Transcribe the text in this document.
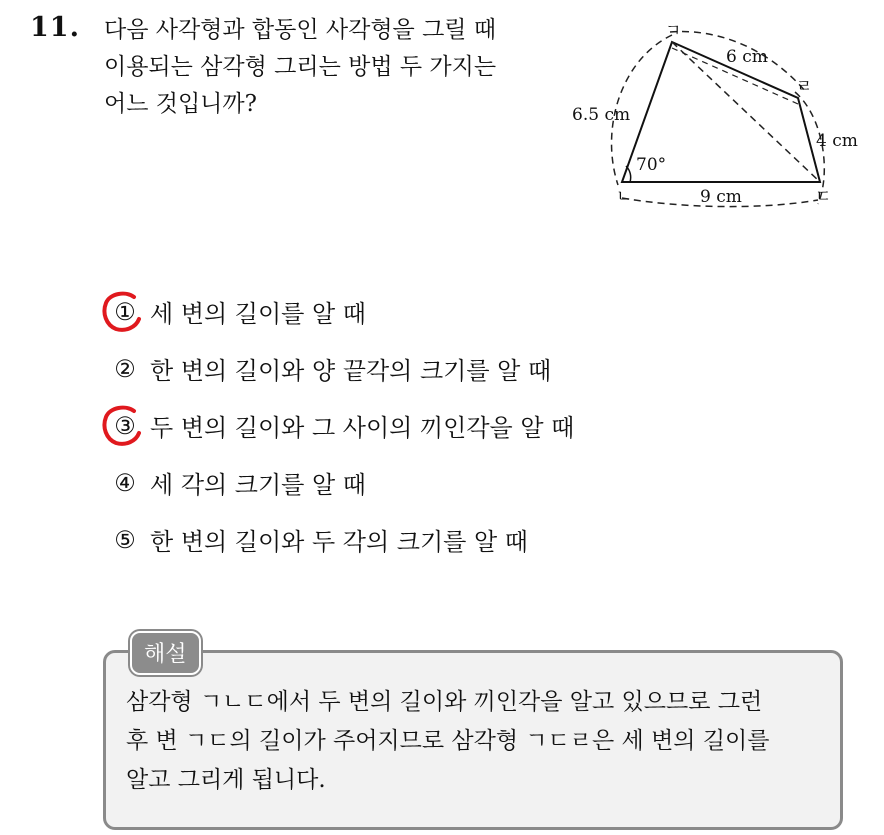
11. 다음 사각형과 합동인 사각형을 그릴 때
이용되는 삼각형 그리는 방법 두 가지는
어느 것입니까?
ㄱ
ㄹ
ㄴ	ㄷ
6 cm
6.5 cm
4 cm
9 cm
70°
① 세 변의 길이를 알 때
② 한 변의 길이와 양 끝각의 크기를 알 때
③ 두 변의 길이와 그 사이의 끼인각을 알 때
④ 세 각의 크기를 알 때
⑤ 한 변의 길이와 두 각의 크기를 알 때
해설
삼각형 ㄱㄴㄷ에서 두 변의 길이와 끼인각을 알고 있으므로 그런
후 변 ㄱㄷ의 길이가 주어지므로 삼각형 ㄱㄷㄹ은 세 변의 길이를
알고 그리게 됩니다.
